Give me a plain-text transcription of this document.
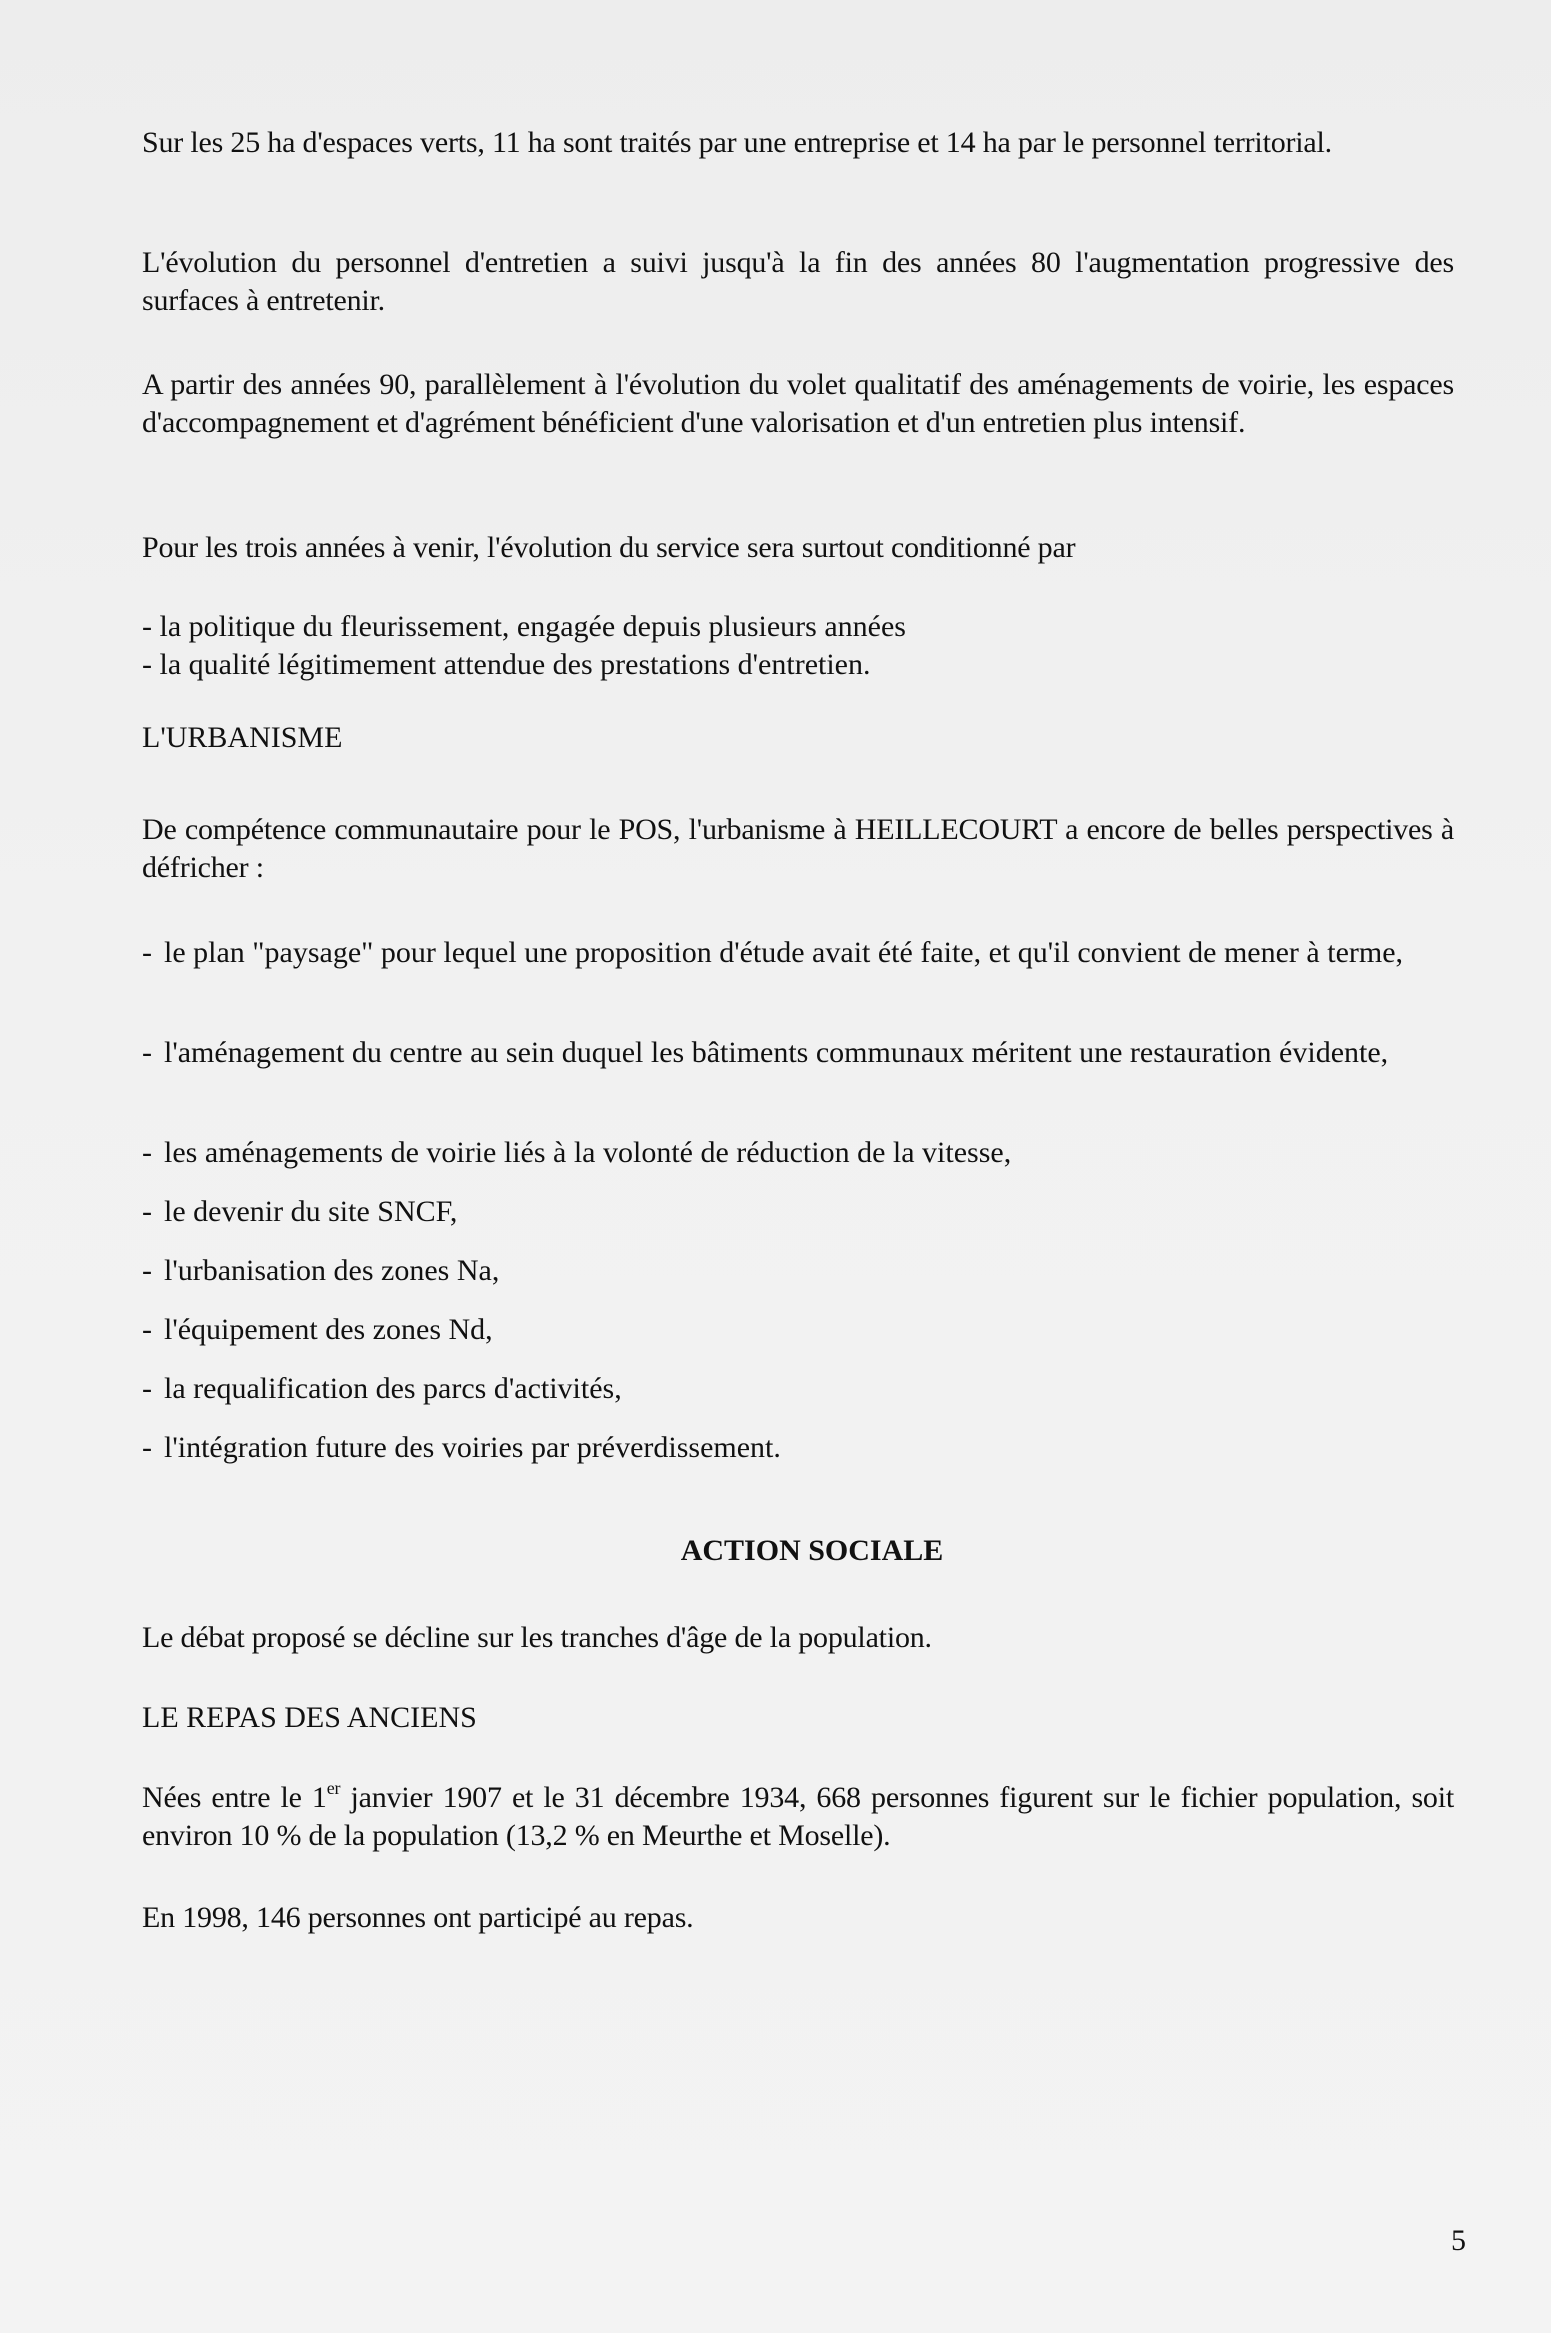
Sur les 25 ha d'espaces verts, 11 ha sont traités par une entreprise et 14 ha par le personnel territorial.

L'évolution du personnel d'entretien a suivi jusqu'à la fin des années 80 l'augmentation progressive des surfaces à entretenir.

A partir des années 90, parallèlement à l'évolution du volet qualitatif des aménagements de voirie, les espaces d'accompagnement et d'agrément bénéficient d'une valorisation et d'un entretien plus intensif.

Pour les trois années à venir, l'évolution du service sera surtout conditionné par

- la politique du fleurissement, engagée depuis plusieurs années
- la qualité légitimement attendue des prestations d'entretien.
L'URBANISME

De compétence communautaire pour le POS, l'urbanisme à HEILLECOURT a encore de belles perspectives à défricher :

- le plan "paysage" pour lequel une proposition d'étude avait été faite, et qu'il convient de mener à terme,
- l'aménagement du centre au sein duquel les bâtiments communaux méritent une restauration évidente,
- les aménagements de voirie liés à la volonté de réduction de la vitesse,
- le devenir du site SNCF,
- l'urbanisation des zones Na,
- l'équipement des zones Nd,
- la requalification des parcs d'activités,
- l'intégration future des voiries par préverdissement.
ACTION SOCIALE

Le débat proposé se décline sur les tranches d'âge de la population.

LE REPAS DES ANCIENS

Nées entre le 1er janvier 1907 et le 31 décembre 1934, 668 personnes figurent sur le fichier population, soit environ 10 % de la population (13,2 % en Meurthe et Moselle).

En 1998, 146 personnes ont participé au repas.

5
